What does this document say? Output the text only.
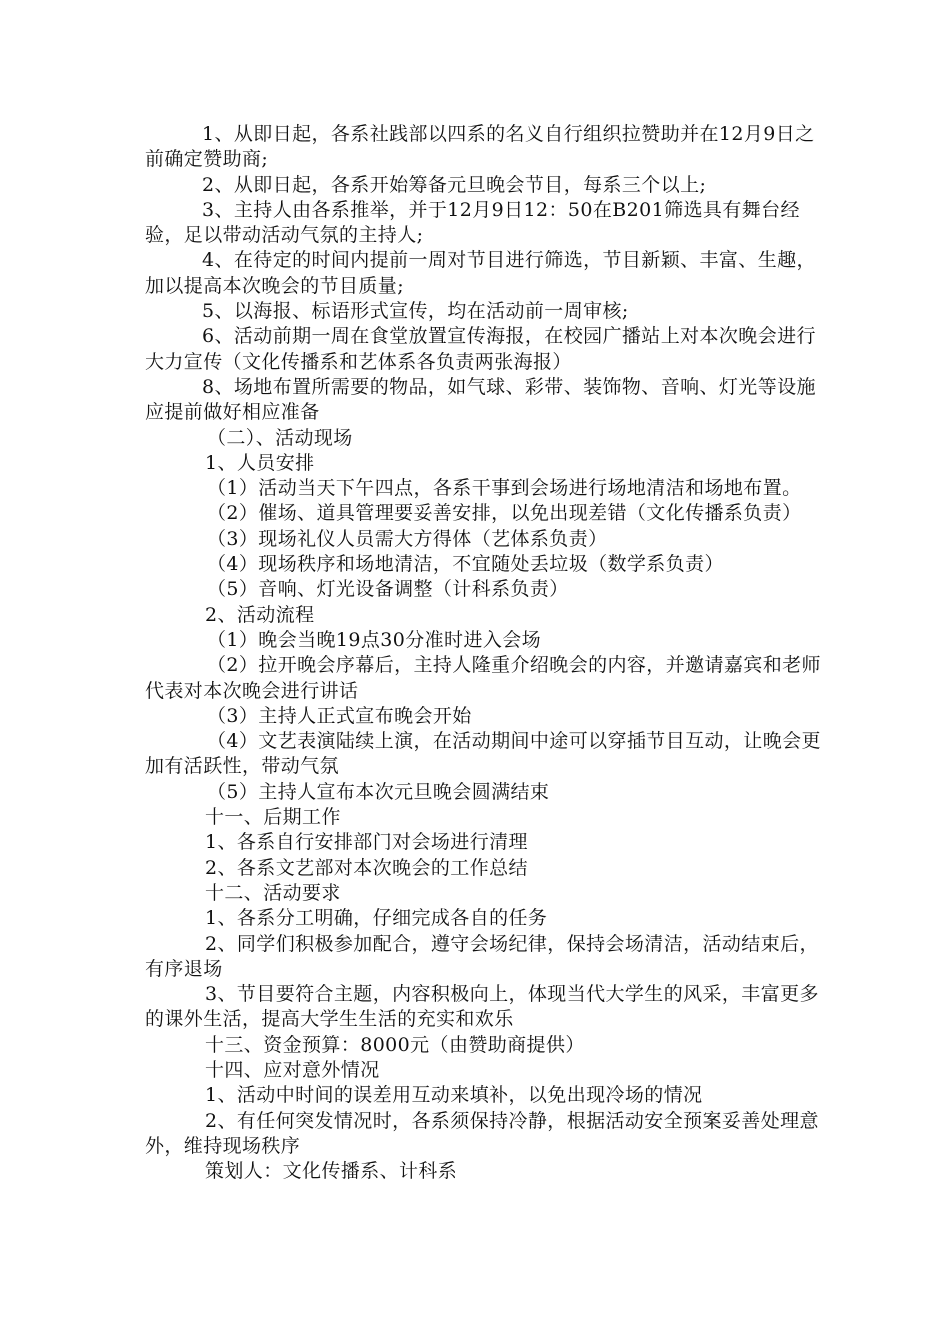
1、从即日起，各系社践部以四系的名义自行组织拉赞助并在12月9日之前确定赞助商;

2、从即日起，各系开始筹备元旦晚会节目，每系三个以上;

3、主持人由各系推举，并于12月9日12：50在B201筛选具有舞台经验，足以带动活动气氛的主持人;

4、在待定的时间内提前一周对节目进行筛选，节目新颖、丰富、生趣，加以提高本次晚会的节目质量;

5、以海报、标语形式宣传，均在活动前一周审核;

6、活动前期一周在食堂放置宣传海报，在校园广播站上对本次晚会进行大力宣传（文化传播系和艺体系各负责两张海报）

8、场地布置所需要的物品，如气球、彩带、装饰物、音响、灯光等设施应提前做好相应准备

（二）、活动现场

1、人员安排

（1）活动当天下午四点，各系干事到会场进行场地清洁和场地布置。

（2）催场、道具管理要妥善安排，以免出现差错（文化传播系负责）

（3）现场礼仪人员需大方得体（艺体系负责）

（4）现场秩序和场地清洁，不宜随处丢垃圾（数学系负责）

（5）音响、灯光设备调整（计科系负责）

2、活动流程

（1）晚会当晚19点30分准时进入会场

（2）拉开晚会序幕后，主持人隆重介绍晚会的内容，并邀请嘉宾和老师代表对本次晚会进行讲话

（3）主持人正式宣布晚会开始

（4）文艺表演陆续上演，在活动期间中途可以穿插节目互动，让晚会更加有活跃性，带动气氛

（5）主持人宣布本次元旦晚会圆满结束

十一、后期工作

1、各系自行安排部门对会场进行清理

2、各系文艺部对本次晚会的工作总结

十二、活动要求

1、各系分工明确，仔细完成各自的任务

2、同学们积极参加配合，遵守会场纪律，保持会场清洁，活动结束后，有序退场

3、节目要符合主题，内容积极向上，体现当代大学生的风采，丰富更多的课外生活，提高大学生生活的充实和欢乐

十三、资金预算：8000元（由赞助商提供）

十四、应对意外情况

1、活动中时间的误差用互动来填补，以免出现冷场的情况

2、有任何突发情况时，各系须保持冷静，根据活动安全预案妥善处理意外，维持现场秩序

策划人：文化传播系、计科系
